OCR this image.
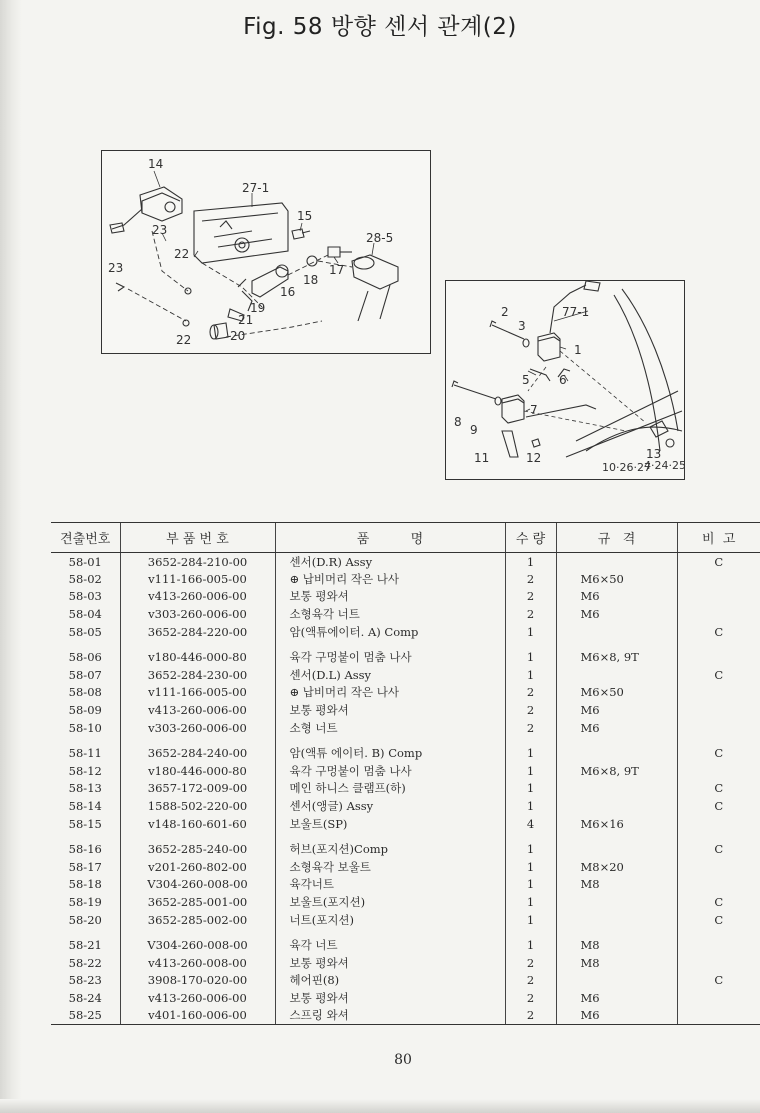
Fig. 58 방향 센서 관계(2)
14
27-1
15
23
22
28-5
17
18
16
23
19
21
22	20
2
3
77-1
1
5 6
7
8
9
11	12	13
10·26·27
4·24·25
견출번호	부 품 번 호	품          명	수 량	규   격	비  고
58-01	3652-284-210-00	센서(D.R) Assy	1		C
58-02	v111-166-005-00	⊕ 납비머리 작은 나사	2	M6×50	
58-03	v413-260-006-00	보통 평와셔	2	M6	
58-04	v303-260-006-00	소형육각 너트	2	M6	
58-05	3652-284-220-00	암(액튜에이터. A) Comp	1		C
58-06	v180-446-000-80	육각 구멍붙이 멈춤 나사	1	M6×8, 9T	
58-07	3652-284-230-00	센서(D.L) Assy	1		C
58-08	v111-166-005-00	⊕ 납비머리 작은 나사	2	M6×50	
58-09	v413-260-006-00	보통 평와셔	2	M6	
58-10	v303-260-006-00	소형 너트	2	M6	
58-11	3652-284-240-00	암(액튜 에이터. B) Comp	1		C
58-12	v180-446-000-80	육각 구멍붙이 멈춤 나사	1	M6×8, 9T	
58-13	3657-172-009-00	메인 하니스 클램프(하)	1		C
58-14	1588-502-220-00	센서(앵글) Assy	1		C
58-15	v148-160-601-60	보울트(SP)	4	M6×16	
58-16	3652-285-240-00	허브(포지션)Comp	1		C
58-17	v201-260-802-00	소형육각 보울트	1	M8×20	
58-18	V304-260-008-00	육각너트	1	M8	
58-19	3652-285-001-00	보울트(포지션)	1		C
58-20	3652-285-002-00	너트(포지션)	1		C
58-21	V304-260-008-00	육각 너트	1	M8	
58-22	v413-260-008-00	보통 평와셔	2	M8	
58-23	3908-170-020-00	헤어핀(8)	2		C
58-24	v413-260-006-00	보통 평와셔	2	M6	
58-25	v401-160-006-00	스프링 와셔	2	M6	
80
